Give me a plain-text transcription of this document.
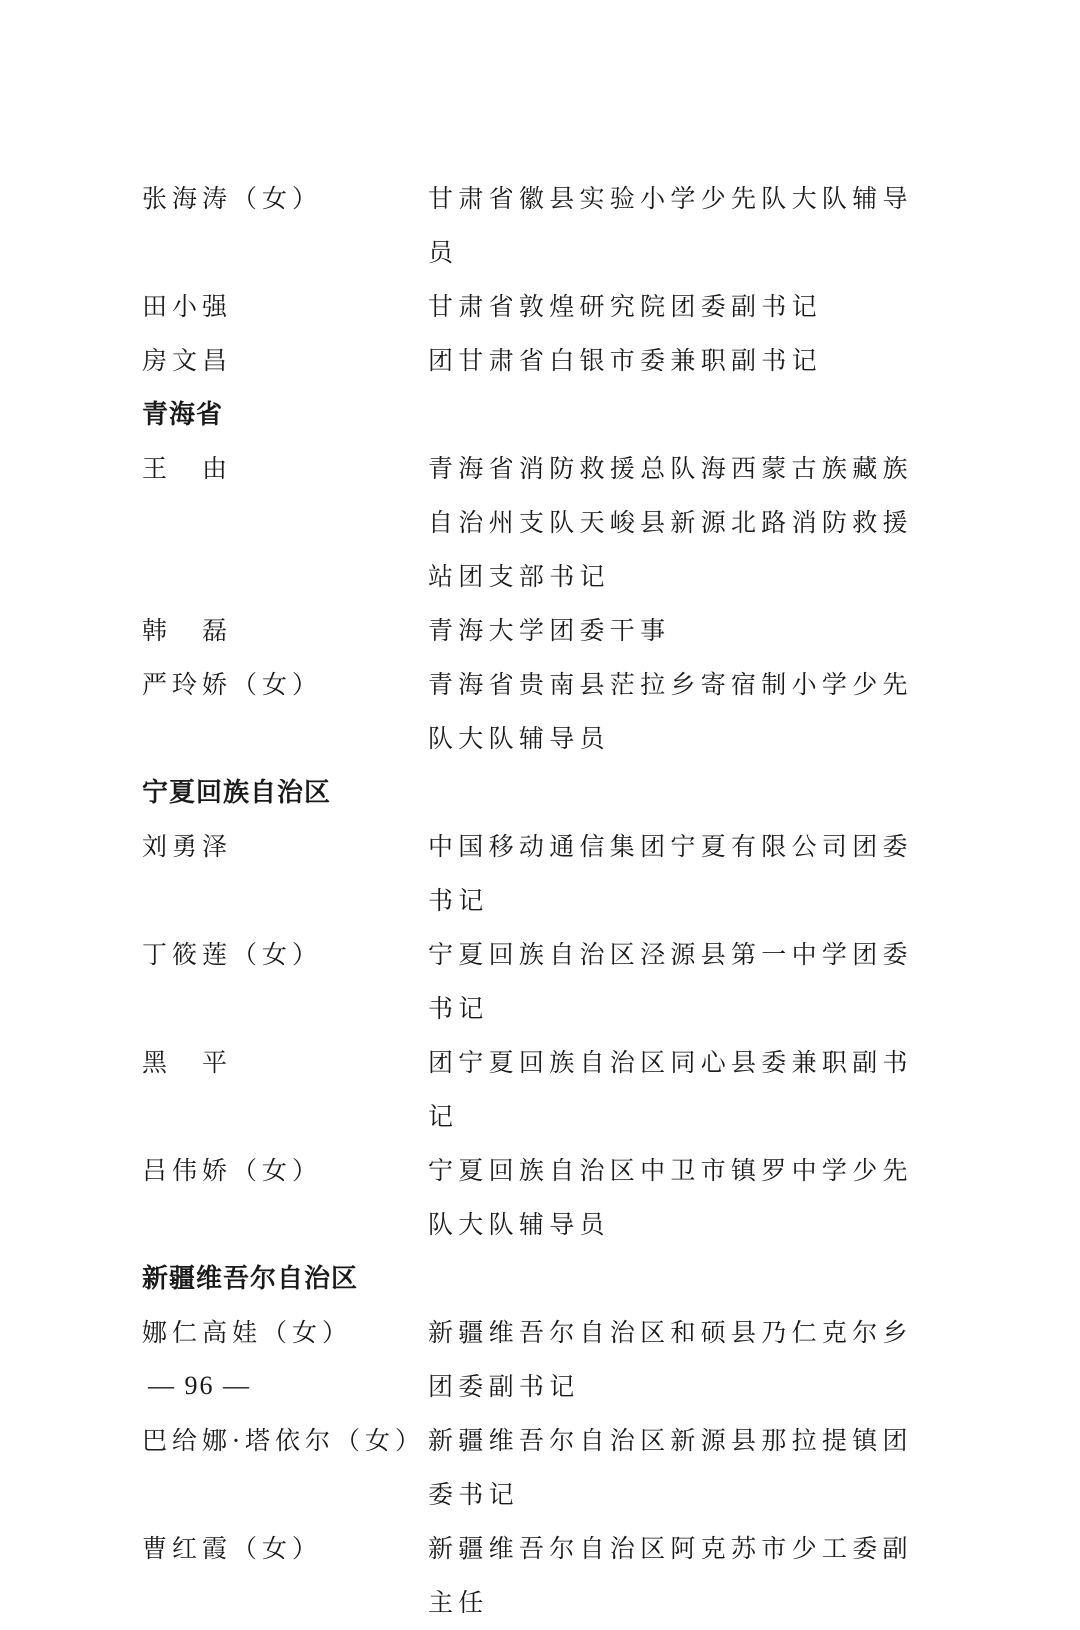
张海涛（女）	甘肃省徽县实验小学少先队大队辅导员
田小强	甘肃省敦煌研究院团委副书记
房文昌	团甘肃省白银市委兼职副书记
青海省
王　由	青海省消防救援总队海西蒙古族藏族自治州支队天峻县新源北路消防救援站团支部书记
韩　磊	青海大学团委干事
严玲娇（女）	青海省贵南县茫拉乡寄宿制小学少先队大队辅导员
宁夏回族自治区
刘勇泽	中国移动通信集团宁夏有限公司团委书记
丁筱莲（女）	宁夏回族自治区泾源县第一中学团委书记
黑　平	团宁夏回族自治区同心县委兼职副书记
吕伟娇（女）	宁夏回族自治区中卫市镇罗中学少先队大队辅导员
新疆维吾尔自治区
娜仁高娃（女）	新疆维吾尔自治区和硕县乃仁克尔乡团委副书记
巴给娜·塔依尔（女） 新疆维吾尔自治区新源县那拉提镇团委书记
曹红霞（女）	新疆维吾尔自治区阿克苏市少工委副主任
— 96 —
